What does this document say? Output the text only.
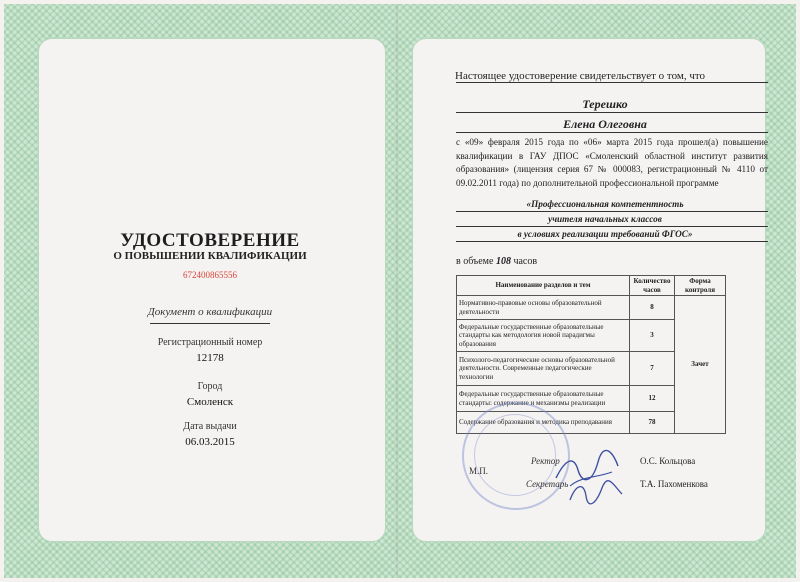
УДОСТОВЕРЕНИЕ
О ПОВЫШЕНИИ КВАЛИФИКАЦИИ
672400865556
Документ о квалификации
Регистрационный номер
12178
Город
Смоленск
Дата выдачи
06.03.2015
Настоящее удостоверение свидетельствует о том, что
Терешко
Елена Олеговна
с «09» февраля 2015 года по «06» марта 2015 года прошел(а) повышение квалификации в ГАУ ДПОС «Смоленский областной институт развития образования» (лицензия серия 67 № 000083, регистрационный № 4110 от 09.02.2011 года) по дополнительной профессиональной программе
«Профессиональная компетентность
учителя начальных классов
в условиях реализации требований ФГОС»
в объеме 108 часов
Наименование разделов и тем	Количество часов	Форма контроля
Нормативно-правовые основы образовательной деятельности	8	Зачет
Федеральные государственные образовательные стандарты как методология новой парадигмы образования	3	
Психолого-педагогические основы образовательной деятельности. Современные педагогические технологии	7	
Федеральные государственные образовательные стандарты: содержание и механизмы реализации	12	
Содержание образования и методика преподавания	78	
М.П.
Ректор	О.С. Кольцова
Секретарь	Т.А. Пахоменкова
